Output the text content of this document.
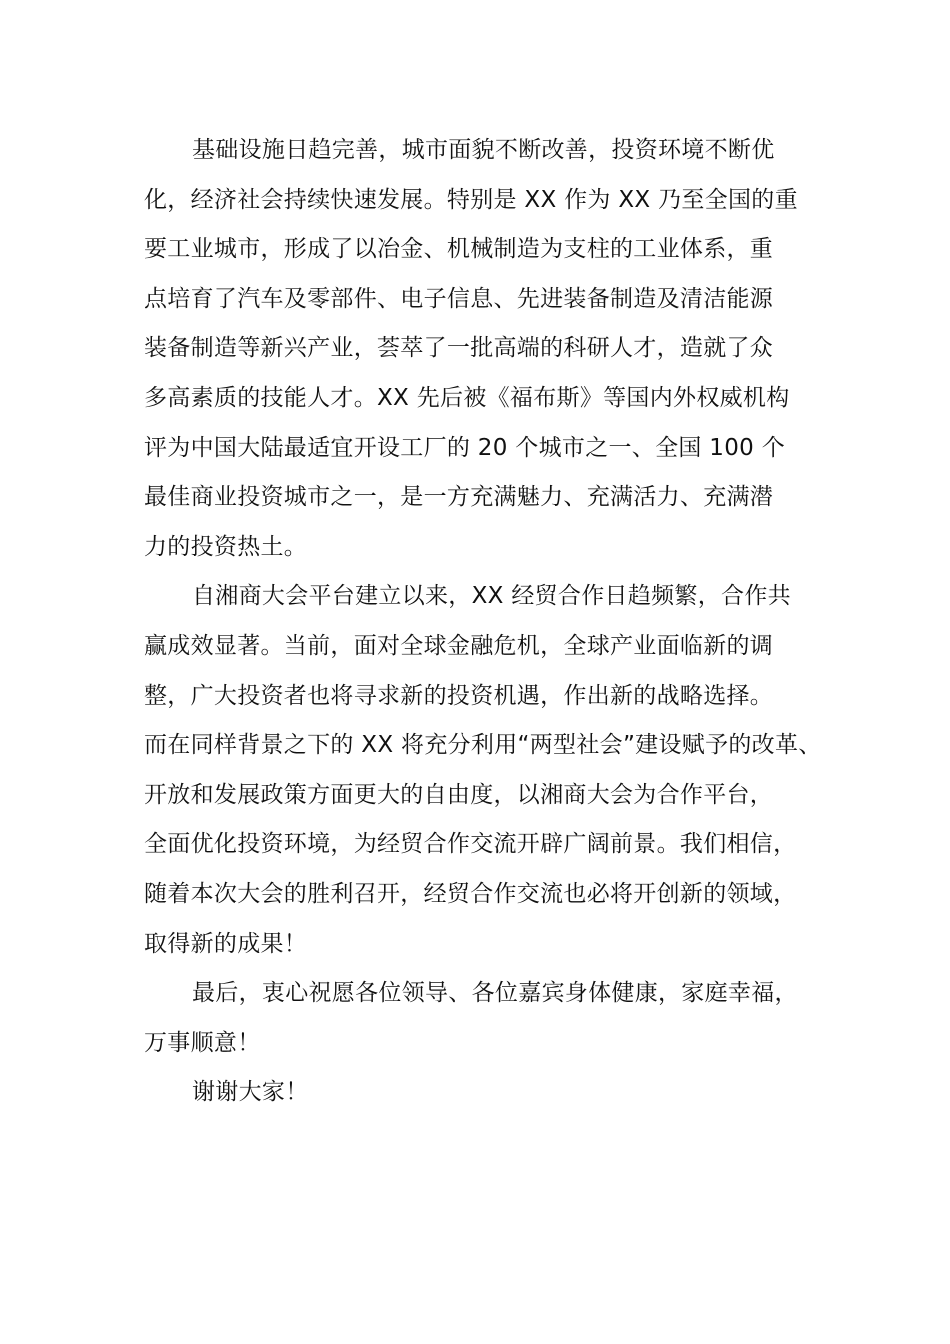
基础设施日趋完善，城市面貌不断改善，投资环境不断优
化，经济社会持续快速发展。特别是 XX 作为 XX 乃至全国的重
要工业城市，形成了以冶金、机械制造为支柱的工业体系，重
点培育了汽车及零部件、电子信息、先进装备制造及清洁能源
装备制造等新兴产业，荟萃了一批高端的科研人才，造就了众
多高素质的技能人才。XX 先后被《福布斯》等国内外权威机构
评为中国大陆最适宜开设工厂的 20 个城市之一、全国 100 个
最佳商业投资城市之一，是一方充满魅力、充满活力、充满潜
力的投资热土。

自湘商大会平台建立以来，XX 经贸合作日趋频繁，合作共
赢成效显著。当前，面对全球金融危机，全球产业面临新的调
整，广大投资者也将寻求新的投资机遇，作出新的战略选择。
而在同样背景之下的 XX 将充分利用“两型社会”建设赋予的改革、
开放和发展政策方面更大的自由度，以湘商大会为合作平台，
全面优化投资环境，为经贸合作交流开辟广阔前景。我们相信，
随着本次大会的胜利召开，经贸合作交流也必将开创新的领域，
取得新的成果！

最后，衷心祝愿各位领导、各位嘉宾身体健康，家庭幸福，
万事顺意！

谢谢大家！
